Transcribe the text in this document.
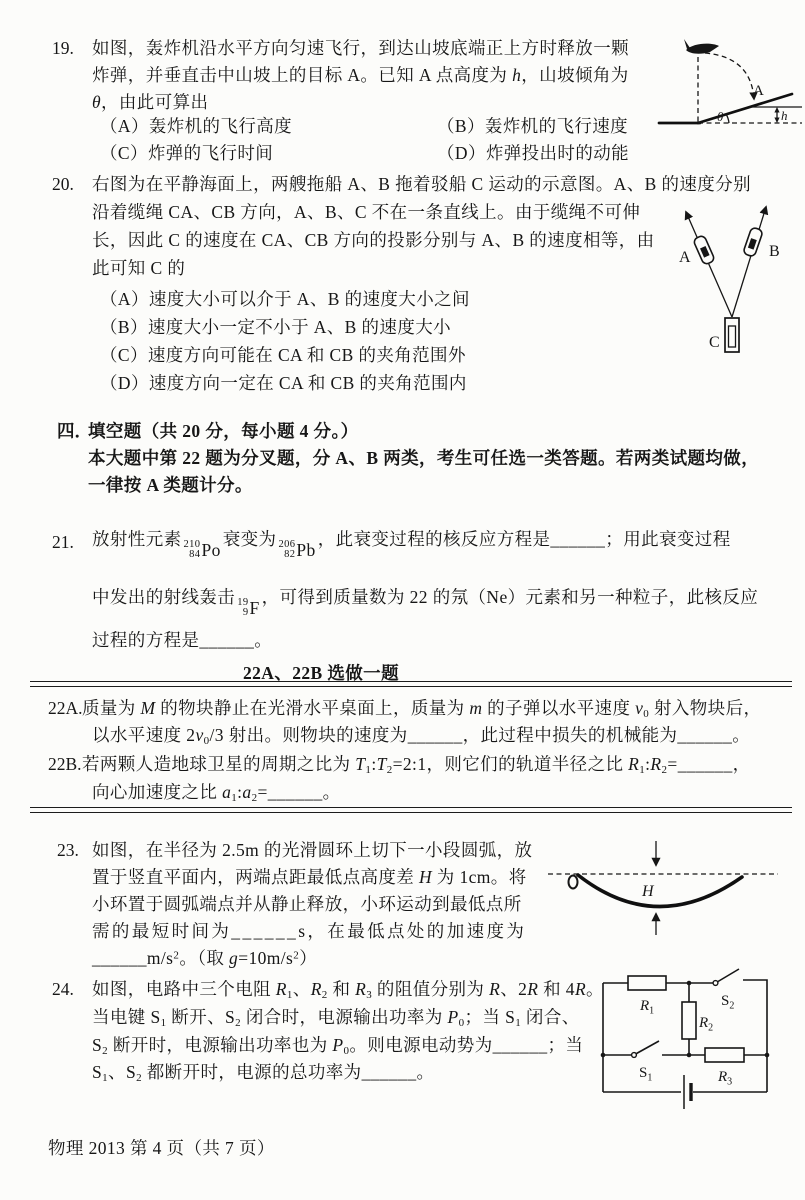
19. 如图，轰炸机沿水平方向匀速飞行，到达山坡底端正上方时释放一颗
炸弹，并垂直击中山坡上的目标 A。已知 A 点高度为 h，山坡倾角为
θ，由此可算出
（A）轰炸机的飞行高度	（B）轰炸机的飞行速度
（C）炸弹的飞行时间	（D）炸弹投出时的动能
A
θ	h
20. 右图为在平静海面上，两艘拖船 A、B 拖着驳船 C 运动的示意图。A、B 的速度分别
沿着缆绳 CA、CB 方向，A、B、C 不在一条直线上。由于缆绳不可伸
长，因此 C 的速度在 CA、CB 方向的投影分别与 A、B 的速度相等，由
此可知 C 的
（A）速度大小可以介于 A、B 的速度大小之间
（B）速度大小一定不小于 A、B 的速度大小
（C）速度方向可能在 CA 和 CB 的夹角范围外
（D）速度方向一定在 CA 和 CB 的夹角范围内
A	B
C
四．
填空题（共 20 分，每小题 4 分。）
本大题中第 22 题为分叉题，分 A、B 两类，考生可任选一类答题。若两类试题均做，
一律按 A 类题计分。
21. 放射性元素 210
84 Po
衰变为 206
82 Pb
，此衰变过程的核反应方程是______；用此衰变过程
中发出的射线轰击 19
9 F
，可得到质量数为 22 的氖（Ne）元素和另一种粒子，此核反应
过程的方程是______。
22A、22B 选做一题
22A. 质量为 M 的物块静止在光滑水平桌面上，质量为 m 的子弹以水平速度 $v_0$ 射入物块后，
以水平速度 $2v_0/3$ 射出。则物块的速度为______，此过程中损失的机械能为______。
22B. 若两颗人造地球卫星的周期之比为 $T_1:T_2=2:1$，则它们的轨道半径之比 $R_1:R_2=\_\_\_\_\_\_$，
向心加速度之比 $a_1:a_2=\_\_\_\_\_\_$。
23. 如图，在半径为 2.5m 的光滑圆环上切下一小段圆弧，放
置于竖直平面内，两端点距最低点高度差 H 为 1cm。将
小环置于圆弧端点并从静止释放，小环运动到最低点所
需的最短时间为______s，在最低点处的加速度为
$\_\_\_\_\_\_m/s^2$。（取 $g=10m/s^2$）
H
24. 如图，电路中三个电阻 $R_1$、$R_2$ 和 $R_3$ 的阻值分别为 R、2R 和 4R。
当电键 $S_1$ 断开、$S_2$ 闭合时，电源输出功率为 $P_0$；当 $S_1$ 闭合、
$S_2$ 断开时，电源输出功率也为 $P_0$。则电源电动势为______；当
$S_1$、$S_2$ 都断开时，电源的总功率为______。
$R_1$
$R_2$
$R_3$
$S_1$
$S_2$
物理 2013 第 4 页（共 7 页）
